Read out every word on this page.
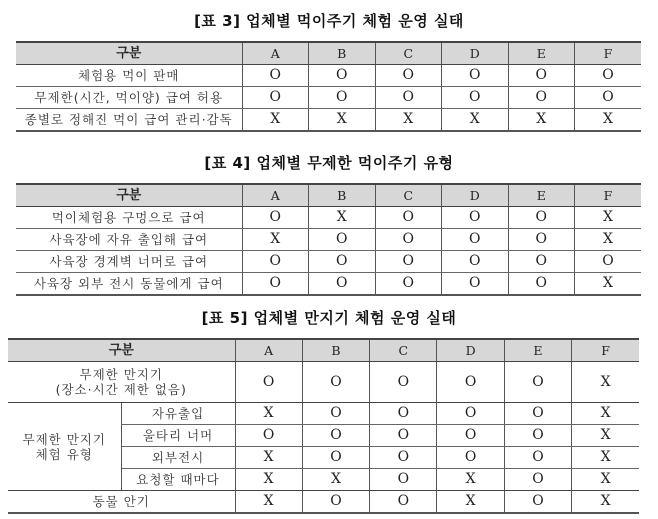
[표 3] 업체별 먹이주기 체험 운영 실태
구분	A	B	C	D	E	F
체험용 먹이 판매	O	O	O	O	O	O
무제한(시간, 먹이양) 급여 허용	O	O	O	O	O	O
종별로 정해진 먹이 급여 관리·감독	X	X	X	X	X	X
[표 4] 업체별 무제한 먹이주기 유형
구분	A	B	C	D	E	F
먹이체험용 구멍으로 급여	O	X	O	O	O	X
사육장에 자유 출입해 급여	X	O	O	O	O	X
사육장 경계벽 너머로 급여	O	O	O	O	O	O
사육장 외부 전시 동물에게 급여	O	O	O	O	O	X
[표 5] 업체별 만지기 체험 운영 실태
구분		A	B	C	D	E	F

무제한 만지기
(장소·시간 제한 없음)		O	O	O	O	O	X

무제한 만지기
체험 유형	자유출입	X	O	O	O	O	X
	울타리 너머	O	O	O	O	O	X
	외부전시	X	O	O	O	O	X
	요청할 때마다	X	X	O	X	O	X
동물 안기		X	O	O	X	O	X
